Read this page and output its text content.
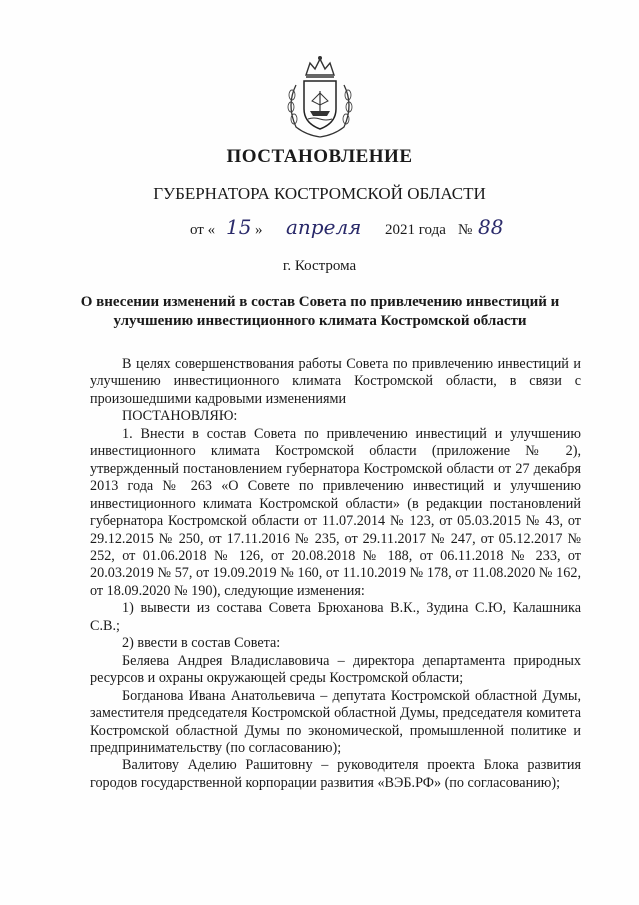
ПОСТАНОВЛЕНИЕ
ГУБЕРНАТОРА КОСТРОМСКОЙ ОБЛАСТИ
от « 15 » апреля 2021 года № 88
г. Кострома
О внесении изменений в состав Совета по привлечению инвестиций и улучшению инвестиционного климата Костромской области

В целях совершенствования работы Совета по привлечению инвестиций и улучшению инвестиционного климата Костромской области, в связи с произошедшими кадровыми изменениями

ПОСТАНОВЛЯЮ:

1. Внести в состав Совета по привлечению инвестиций и улучшению инвестиционного климата Костромской области (приложение № 2), утвержденный постановлением губернатора Костромской области от 27 декабря 2013 года № 263 «О Совете по привлечению инвестиций и улучшению инвестиционного климата Костромской области» (в редакции постановлений губернатора Костромской области от 11.07.2014 № 123, от 05.03.2015 № 43, от 29.12.2015 № 250, от 17.11.2016 № 235, от 29.11.2017 № 247, от 05.12.2017 № 252, от 01.06.2018 № 126, от 20.08.2018 № 188, от 06.11.2018 № 233, от 20.03.2019 № 57, от 19.09.2019 № 160, от 11.10.2019 № 178, от 11.08.2020 № 162, от 18.09.2020 № 190), следующие изменения:

1) вывести из состава Совета Брюханова В.К., Зудина С.Ю, Калашника С.В.;

2) ввести в состав Совета:

Беляева Андрея Владиславовича – директора департамента природных ресурсов и охраны окружающей среды Костромской области;

Богданова Ивана Анатольевича – депутата Костромской областной Думы, заместителя председателя Костромской областной Думы, председателя комитета Костромской областной Думы по экономической, промышленной политике и предпринимательству (по согласованию);

Валитову Аделию Рашитовну – руководителя проекта Блока развития городов государственной корпорации развития «ВЭБ.РФ» (по согласованию);
